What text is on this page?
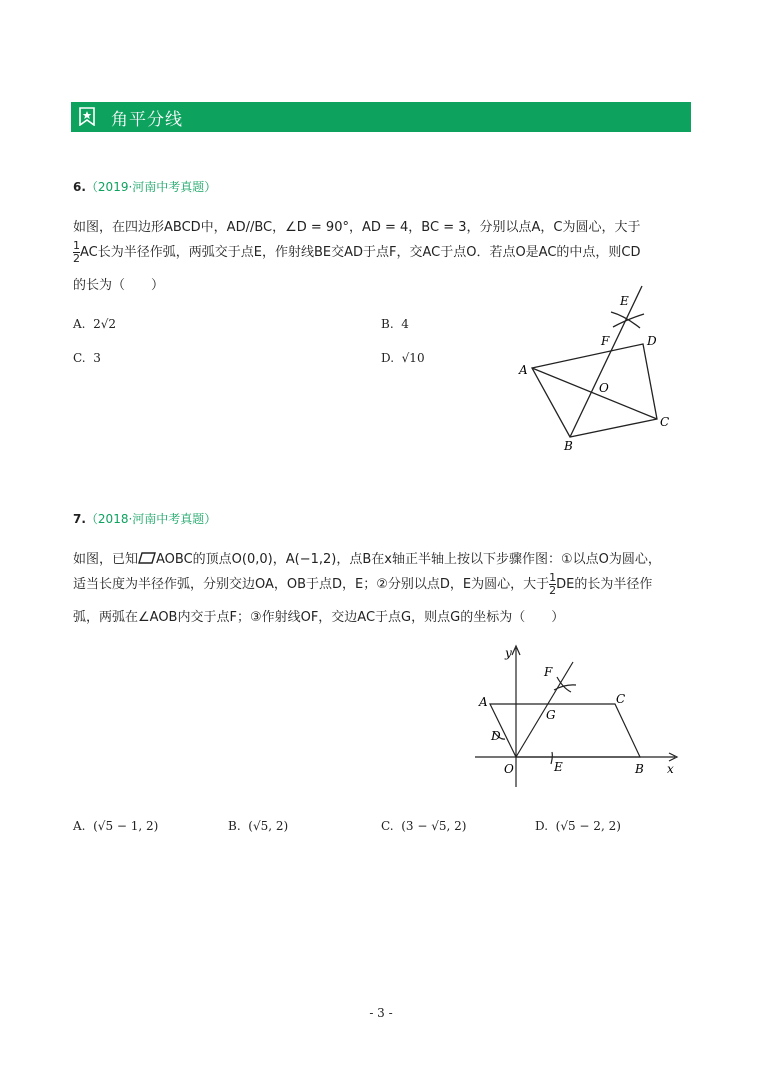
角平分线
6.（2019·河南中考真题）
如图，在四边形ABCD中，AD//BC，∠D = 90°，AD = 4，BC = 3，分别以点A，C为圆心，大于
$\frac{1}{2}$ AC长为半径作弧，两弧交于点E，作射线BE交AD于点F，交AC于点O．若点O是AC的中点，则CD
的长为（　　）
A. 2√2	B. 4
C. 3	D. √10
E
F	D
A
O
C
B
7.（2018·河南中考真题）
如图，已知 AOBC的顶点O(0,0)，A(−1,2)，点B在x轴正半轴上按以下步骤作图：①以点O为圆心，
适当长度为半径作弧，分别交边OA，OB于点D，E；②分别以点D，E为圆心，大于 $\frac{1}{2}$ DE的长为半径作
弧，两弧在∠AOB内交于点F；③作射线OF，交边AC于点G，则点G的坐标为（　　）
y
F
A	C
G
D
O	E	B x
A. (√5 − 1, 2)	B. (√5, 2)	C. (3 − √5, 2)	D. (√5 − 2, 2)
- 3 -
